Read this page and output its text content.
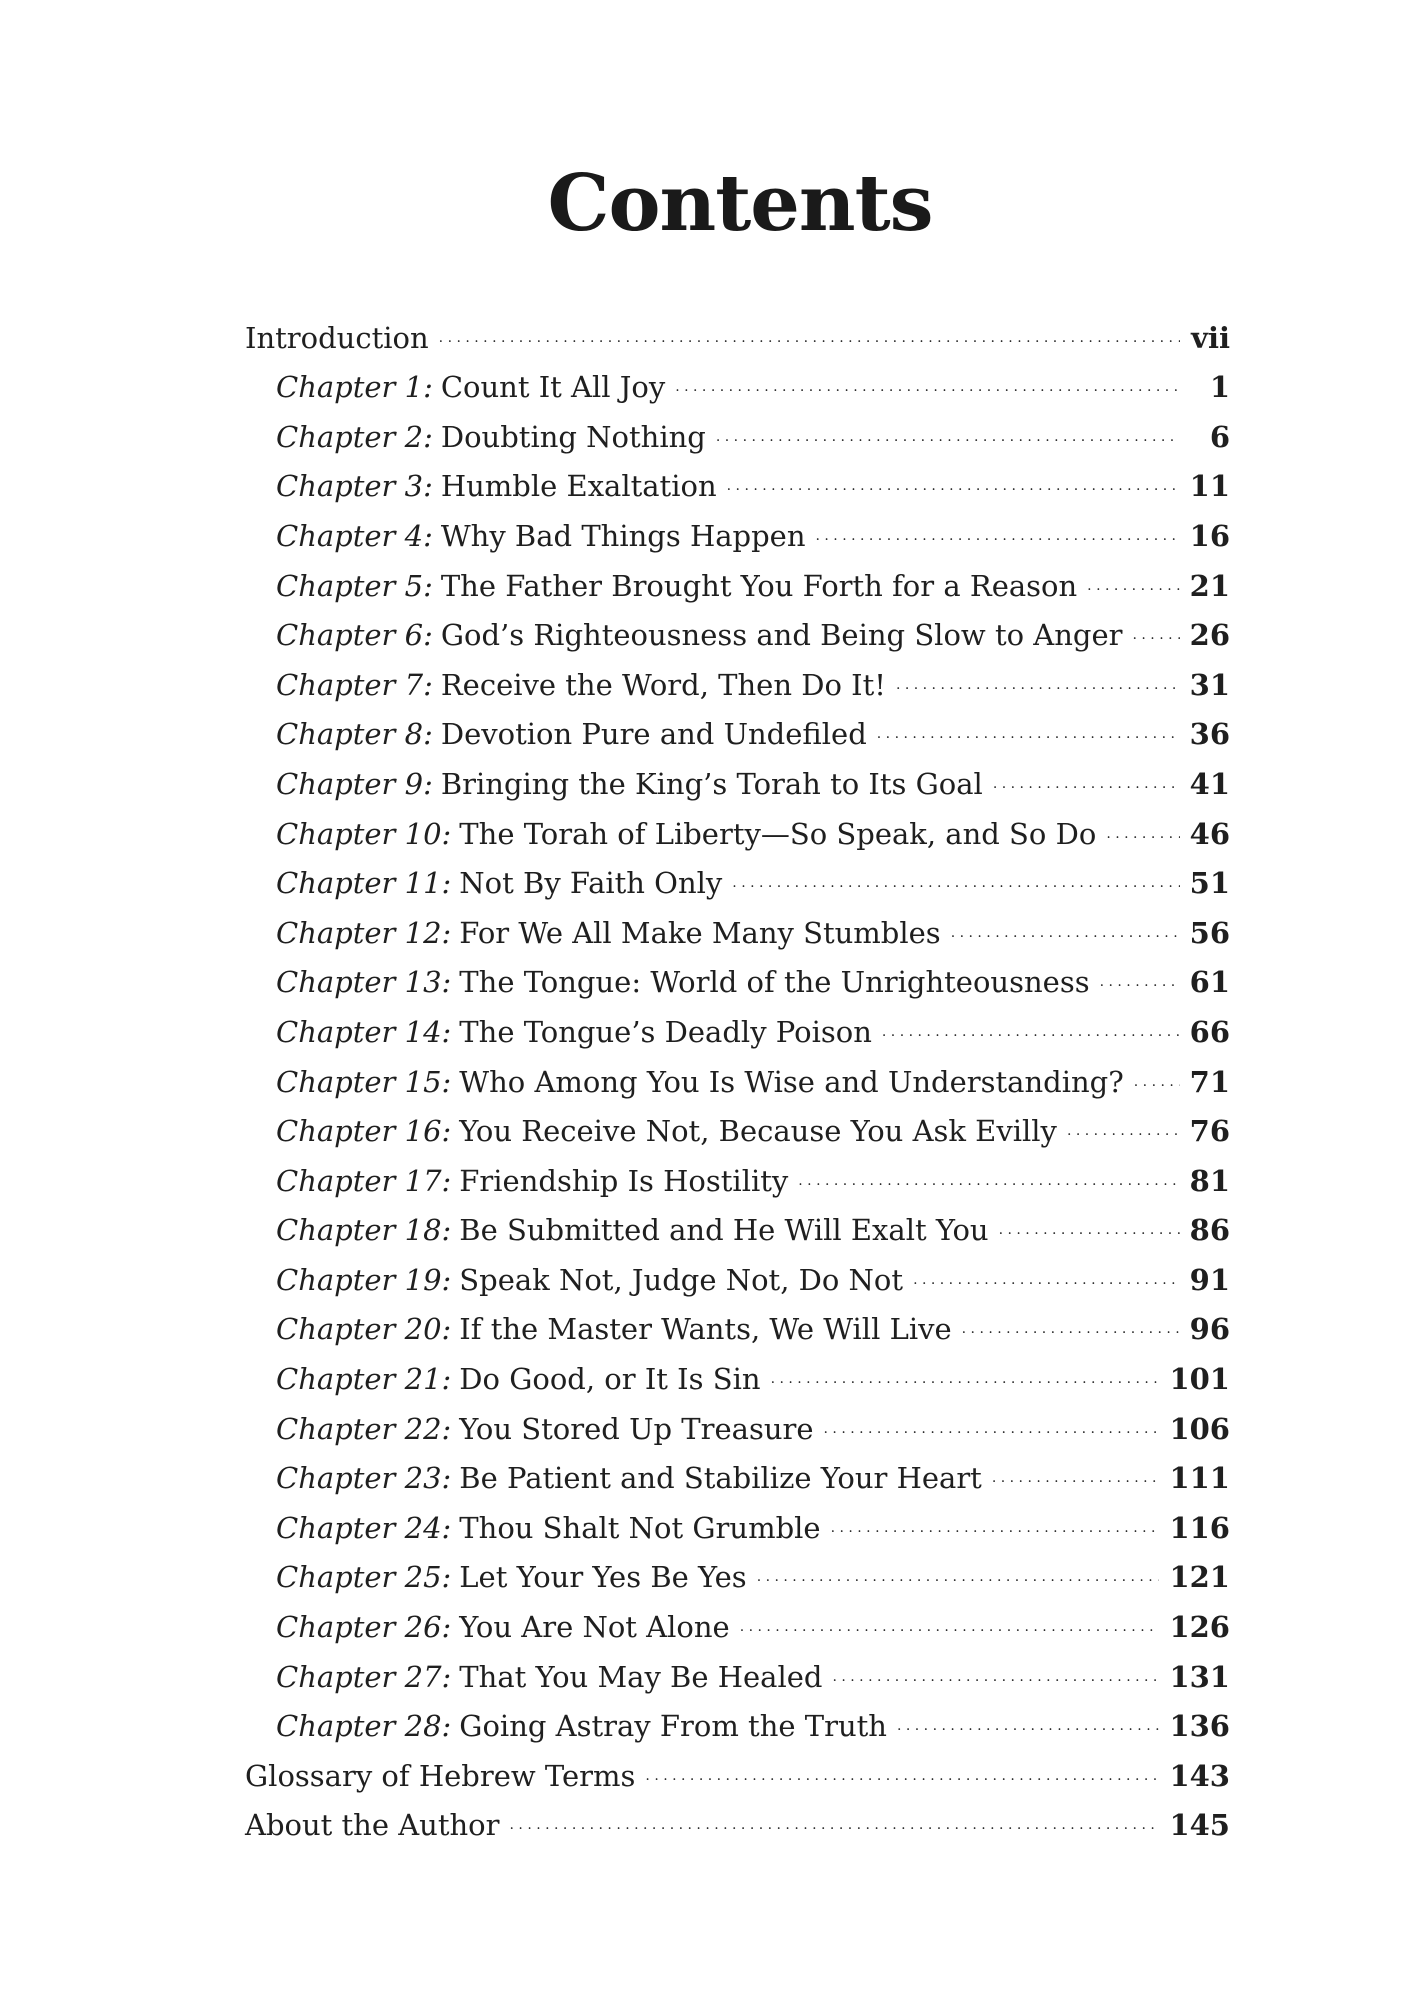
Contents
Introduction . . .	vii
Chapter 1: Count It All Joy . . .	1
Chapter 2: Doubting Nothing . . .	6
Chapter 3: Humble Exaltation . . .	11
Chapter 4: Why Bad Things Happen . . .	16
Chapter 5: The Father Brought You Forth for a Reason . . .	21
Chapter 6: God’s Righteousness and Being Slow to Anger . . . 26
Chapter 7: Receive the Word, Then Do It! . . .	31
Chapter 8: Devotion Pure and Undefiled . . .	36
Chapter 9: Bringing the King’s Torah to Its Goal . . .	41
Chapter 10: The Torah of Liberty—So Speak, and So Do . . .	46
Chapter 11: Not By Faith Only . . .	51
Chapter 12: For We All Make Many Stumbles . . .	56
Chapter 13: The Tongue: World of the Unrighteousness . . .	61
Chapter 14: The Tongue’s Deadly Poison . . .	66
Chapter 15: Who Among You Is Wise and Understanding? . . . 71
Chapter 16: You Receive Not, Because You Ask Evilly . . .	76
Chapter 17: Friendship Is Hostility . . .	81
Chapter 18: Be Submitted and He Will Exalt You . . .	86
Chapter 19: Speak Not, Judge Not, Do Not . . .	91
Chapter 20: If the Master Wants, We Will Live . . .	96
Chapter 21: Do Good, or It Is Sin . . .	101
Chapter 22: You Stored Up Treasure . . .	106
Chapter 23: Be Patient and Stabilize Your Heart . . .	111
Chapter 24: Thou Shalt Not Grumble . . .	116
Chapter 25: Let Your Yes Be Yes . . .	121
Chapter 26: You Are Not Alone . . .	126
Chapter 27: That You May Be Healed . . .	131
Chapter 28: Going Astray From the Truth . . .	136
Glossary of Hebrew Terms . . .	143
About the Author . . .	145
